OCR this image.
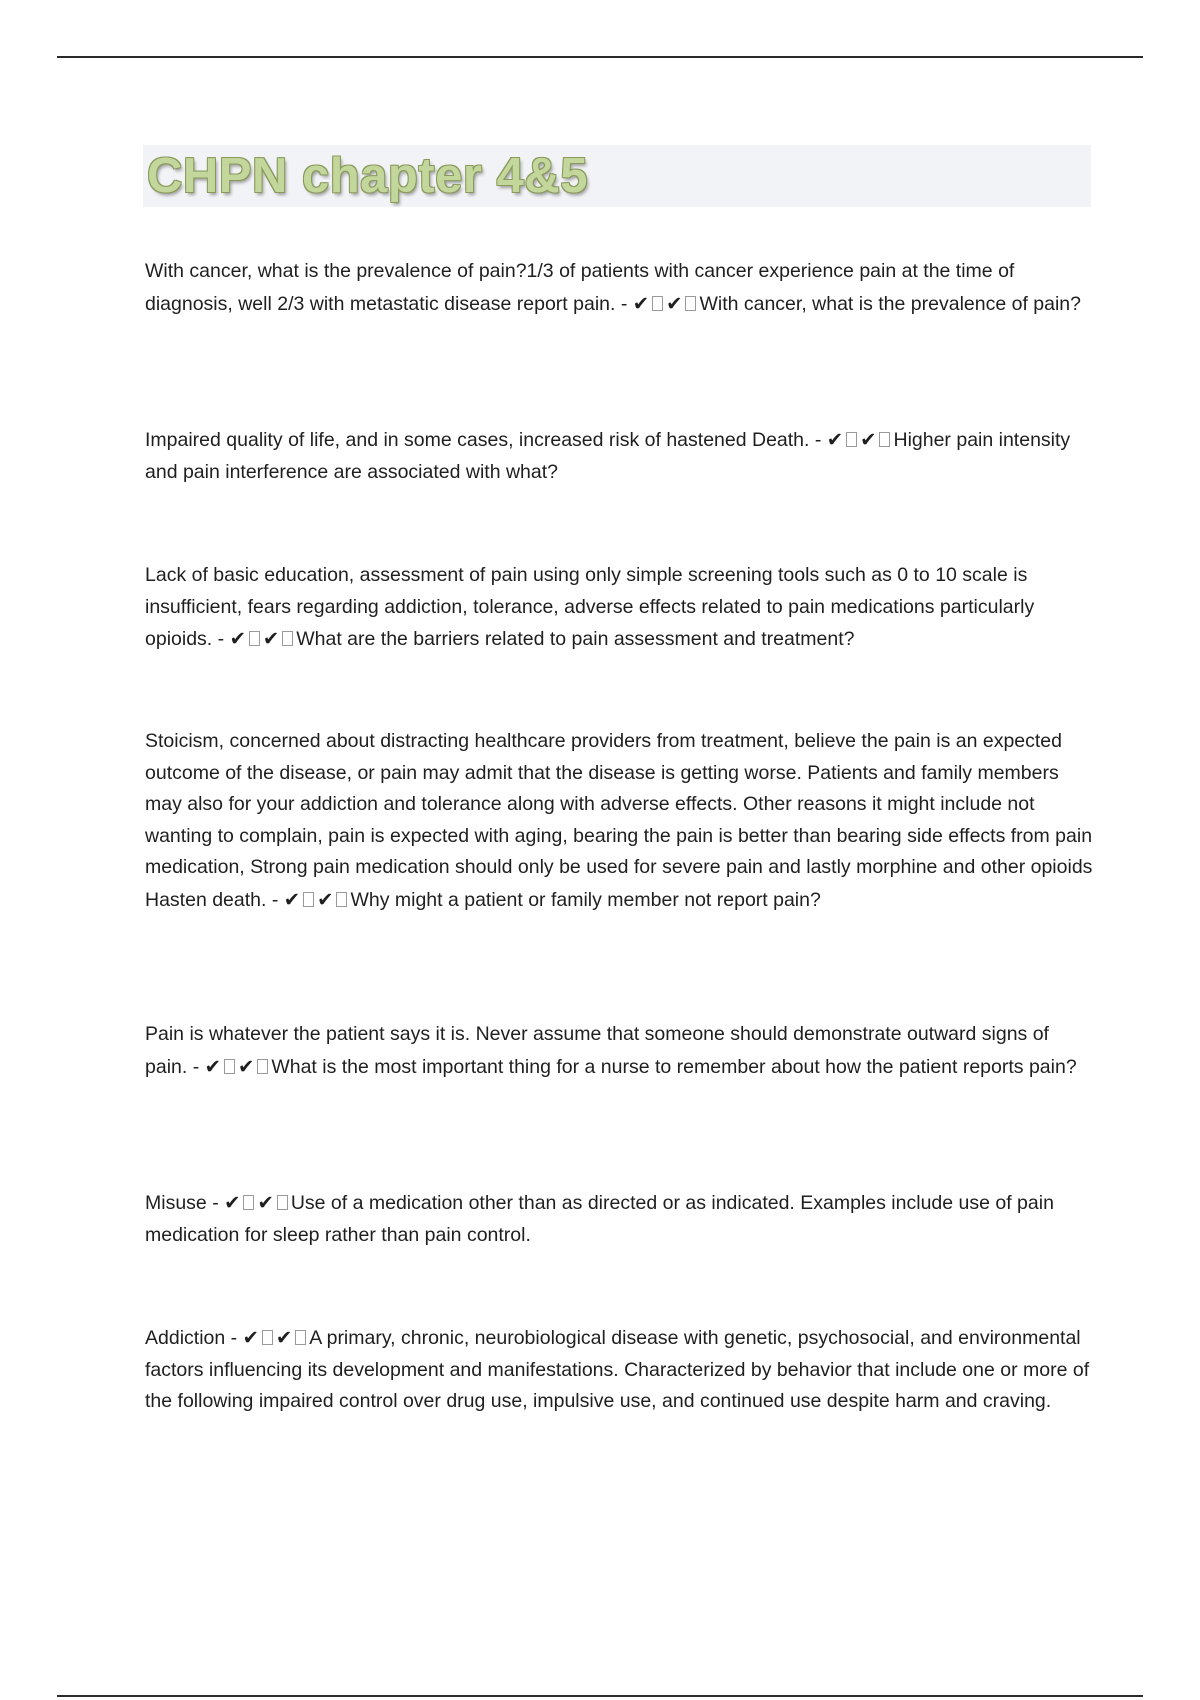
CHPN chapter 4&5

With cancer, what is the prevalence of pain?1/3 of patients with cancer experience pain at the time of diagnosis, well 2/3 with metastatic disease report pain. - ✔ ✔ With cancer, what is the prevalence of pain?

Impaired quality of life, and in some cases, increased risk of hastened Death. - ✔ ✔ Higher pain intensity and pain interference are associated with what?

Lack of basic education, assessment of pain using only simple screening tools such as 0 to 10 scale is insufficient, fears regarding addiction, tolerance, adverse effects related to pain medications particularly opioids. - ✔ ✔ What are the barriers related to pain assessment and treatment?

Stoicism, concerned about distracting healthcare providers from treatment, believe the pain is an expected outcome of the disease, or pain may admit that the disease is getting worse. Patients and family members may also for your addiction and tolerance along with adverse effects. Other reasons it might include not wanting to complain, pain is expected with aging, bearing the pain is better than bearing side effects from pain medication, Strong pain medication should only be used for severe pain and lastly morphine and other opioids Hasten death. - ✔ ✔ Why might a patient or family member not report pain?

Pain is whatever the patient says it is. Never assume that someone should demonstrate outward signs of pain. - ✔ ✔ What is the most important thing for a nurse to remember about how the patient reports pain?

Misuse - ✔ ✔ Use of a medication other than as directed or as indicated. Examples include use of pain medication for sleep rather than pain control.

Addiction - ✔ ✔ A primary, chronic, neurobiological disease with genetic, psychosocial, and environmental factors influencing its development and manifestations. Characterized by behavior that include one or more of the following impaired control over drug use, impulsive use, and continued use despite harm and craving.
